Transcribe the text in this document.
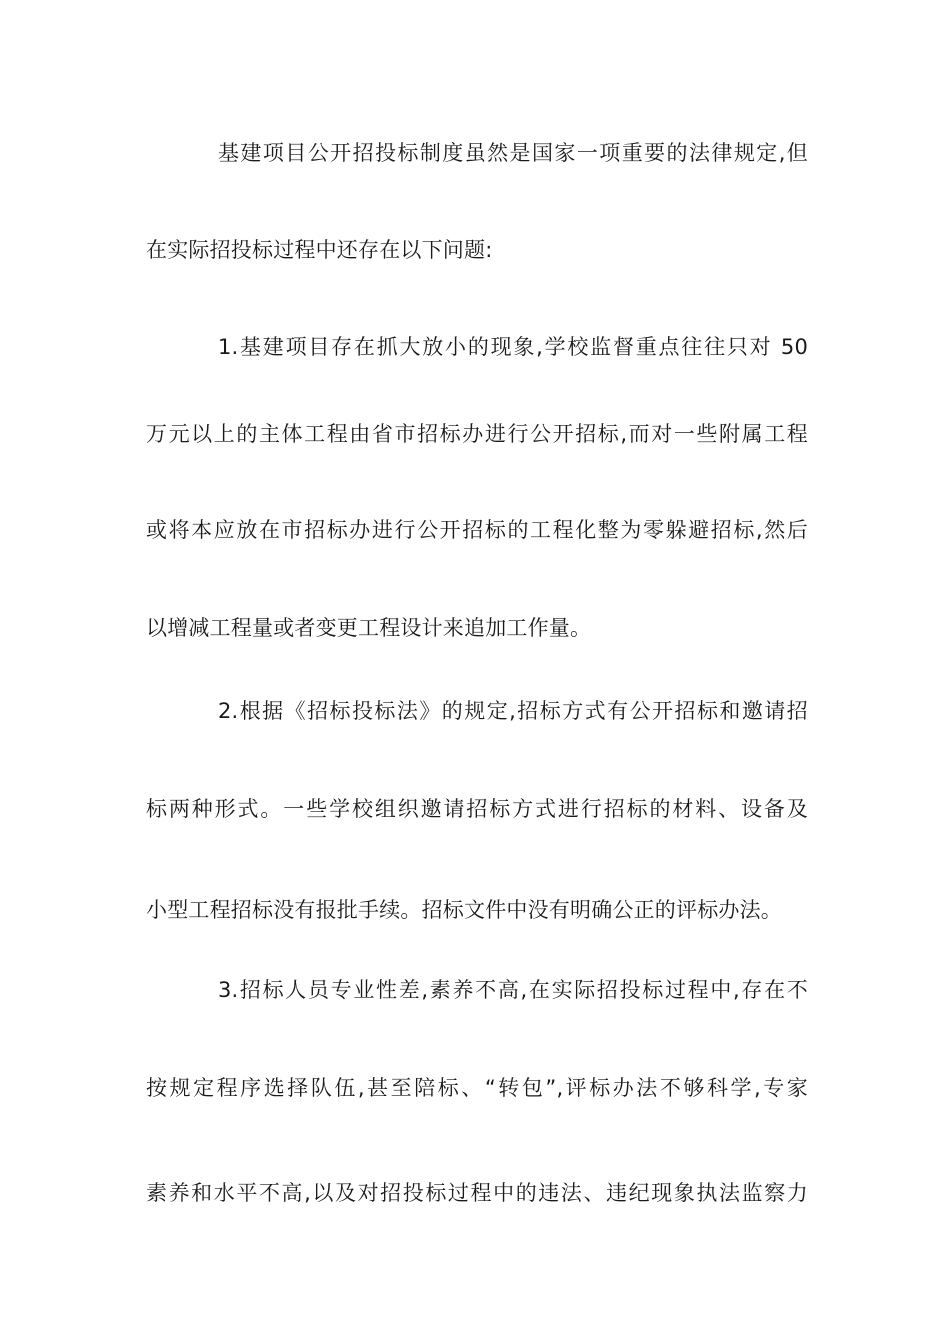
基建项目公开招投标制度虽然是国家一项重要的法律规定,但
在实际招投标过程中还存在以下问题:
1.基建项目存在抓大放小的现象,学校监督重点往往只对 50
万元以上的主体工程由省市招标办进行公开招标,而对一些附属工程
或将本应放在市招标办进行公开招标的工程化整为零躲避招标,然后
以增减工程量或者变更工程设计来追加工作量。
2.根据《招标投标法》的规定,招标方式有公开招标和邀请招
标两种形式。一些学校组织邀请招标方式进行招标的材料、设备及
小型工程招标没有报批手续。招标文件中没有明确公正的评标办法。
3.招标人员专业性差,素养不高,在实际招投标过程中,存在不
按规定程序选择队伍,甚至陪标、“转包”,评标办法不够科学,专家
素养和水平不高,以及对招投标过程中的违法、违纪现象执法监察力
